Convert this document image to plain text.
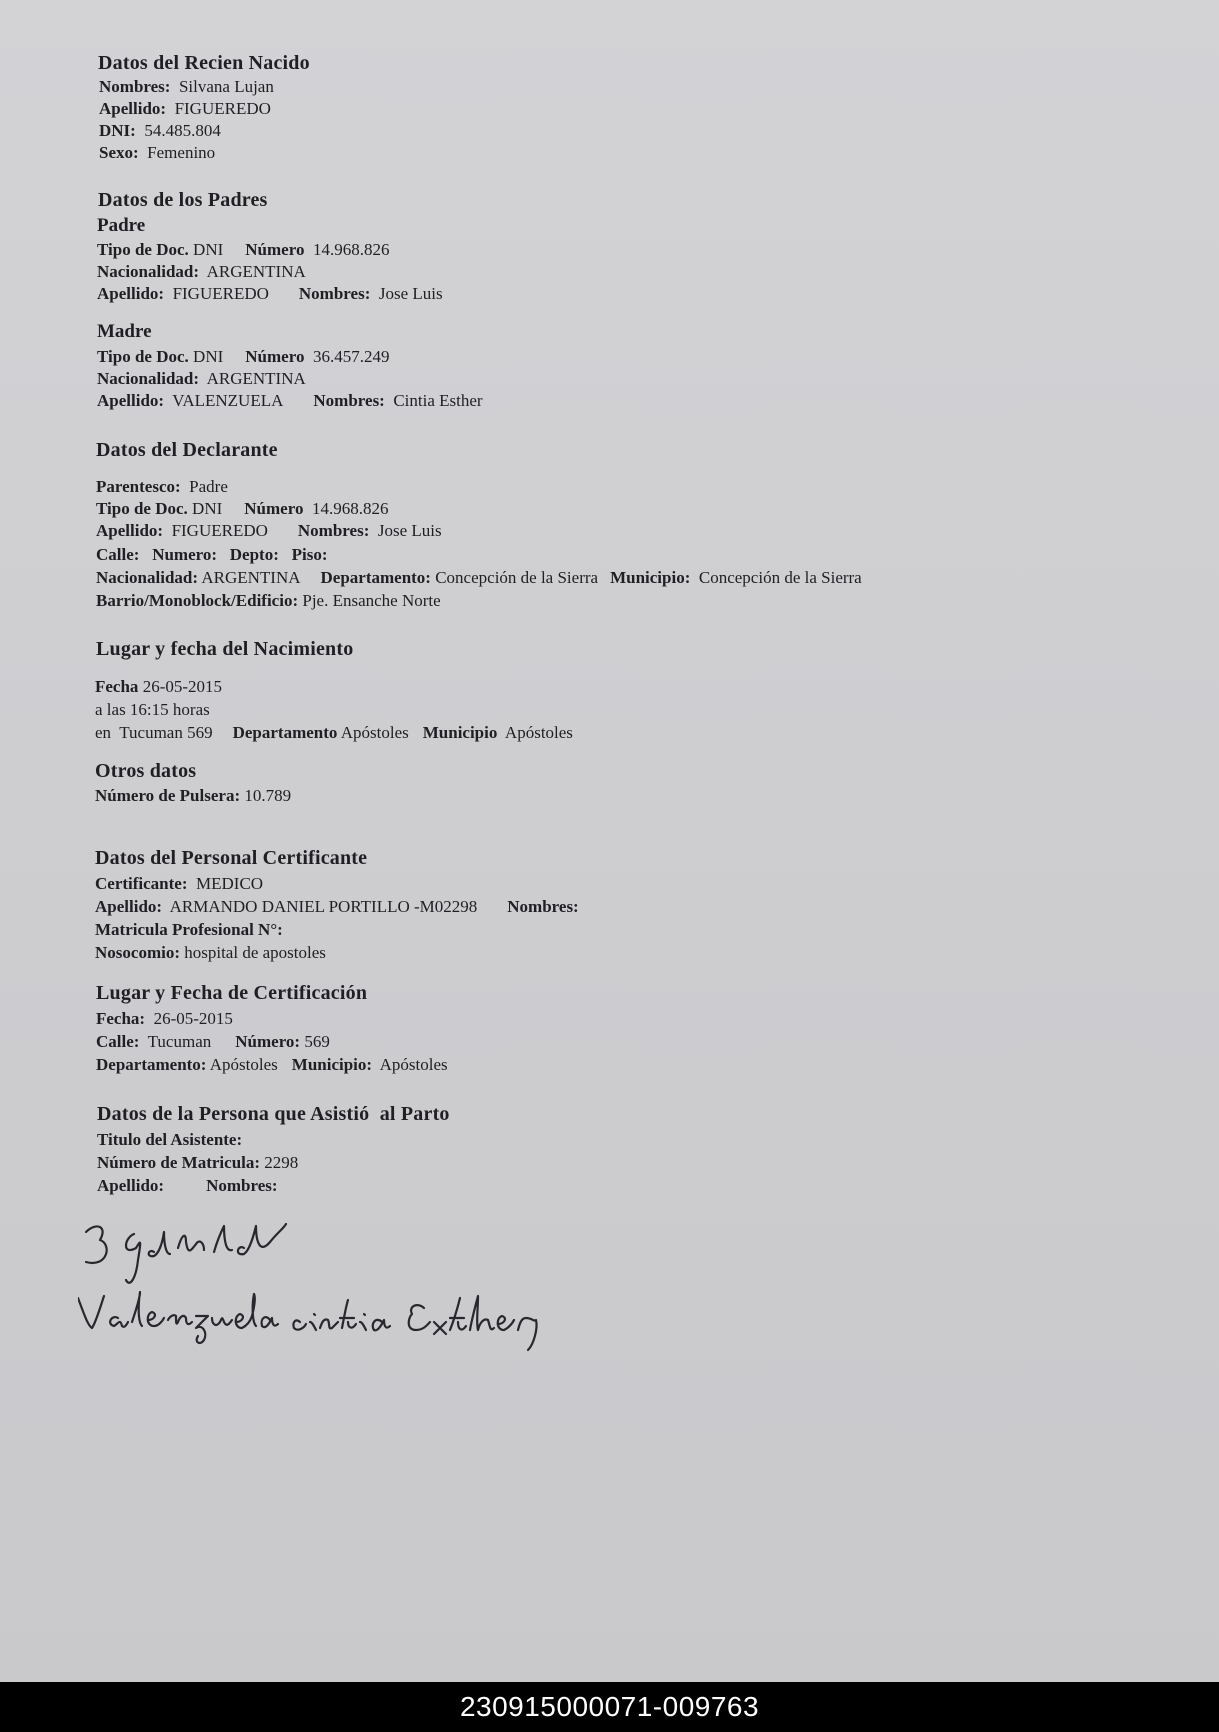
Datos del Recien Nacido
Nombres: Silvana Lujan
Apellido: FIGUEREDO
DNI: 54.485.804
Sexo: Femenino
Datos de los Padres
Padre
Tipo de Doc. DNI Número 14.968.826
Nacionalidad: ARGENTINA
Apellido: FIGUEREDO Nombres: Jose Luis
Madre
Tipo de Doc. DNI Número 36.457.249
Nacionalidad: ARGENTINA
Apellido: VALENZUELA Nombres: Cintia Esther
Datos del Declarante
Parentesco: Padre
Tipo de Doc. DNI Número 14.968.826
Apellido: FIGUEREDO Nombres: Jose Luis
Calle: Numero: Depto: Piso:
Nacionalidad: ARGENTINA Departamento: Concepción de la Sierra Municipio: Concepción de la Sierra
Barrio/Monoblock/Edificio: Pje. Ensanche Norte
Lugar y fecha del Nacimiento
Fecha 26-05-2015
a las 16:15 horas
en Tucuman 569 Departamento Apóstoles Municipio Apóstoles
Otros datos
Número de Pulsera: 10.789
Datos del Personal Certificante
Certificante: MEDICO
Apellido: ARMANDO DANIEL PORTILLO -M02298 Nombres:
Matricula Profesional N°:
Nosocomio: hospital de apostoles
Lugar y Fecha de Certificación
Fecha: 26-05-2015
Calle: Tucuman Número: 569
Departamento: Apóstoles Municipio: Apóstoles
Datos de la Persona que Asistió  al Parto
Titulo del Asistente:
Número de Matricula: 2298
Apellido: Nombres:
230915000071-009763
